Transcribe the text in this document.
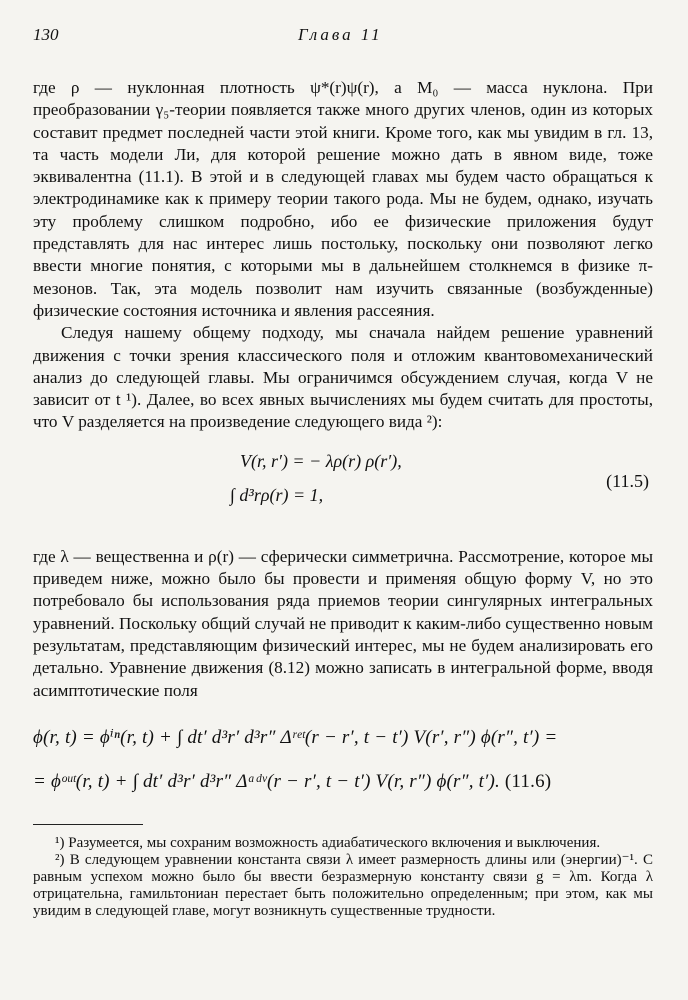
130	Глава 11

где ρ — нуклонная плотность ψ*(r)ψ(r), а M₀ — масса нуклона. При преобразовании γ₅-теории появляется также много других членов, один из которых составит предмет последней части этой книги. Кроме того, как мы увидим в гл. 13, та часть модели Ли, для которой решение можно дать в явном виде, тоже эквивалентна (11.1). В этой и в следующей главах мы будем часто обращаться к электродинамике как к примеру теории такого рода. Мы не будем, однако, изучать эту проблему слишком подробно, ибо ее физические приложения будут представлять для нас интерес лишь постольку, поскольку они позволяют легко ввести многие понятия, с которыми мы в дальнейшем столкнемся в физике π-мезонов. Так, эта модель позволит нам изучить связанные (возбужденные) физические состояния источника и явления рассеяния.

Следуя нашему общему подходу, мы сначала найдем решение уравнений движения с точки зрения классического поля и отложим квантовомеханический анализ до следующей главы. Мы ограничимся обсуждением случая, когда V не зависит от t ¹). Далее, во всех явных вычислениях мы будем считать для простоты, что V разделяется на произведение следующего вида ²):

V(r, r′) = − λρ(r) ρ(r′),
∫ d³rρ(r) = 1,
(11.5)

где λ — вещественна и ρ(r) — сферически симметрична. Рассмотрение, которое мы приведем ниже, можно было бы провести и применяя общую форму V, но это потребовало бы использования ряда приемов теории сингулярных интегральных уравнений. Поскольку общий случай не приводит к каким-либо существенно новым результатам, представляющим физический интерес, мы не будем анализировать его детально. Уравнение движения (8.12) можно записать в интегральной форме, вводя асимптотические поля

ϕ(r, t) = ϕⁱⁿ(r, t) + ∫ dt′ d³r′ d³r″ Δʳᵉᵗ(r − r′, t − t′) V(r′, r″) ϕ(r″, t′) =
= ϕᵒᵘᵗ(r, t) + ∫ dt′ d³r′ d³r″ Δᵃᵈᵛ(r − r′, t − t′) V(r, r″) ϕ(r″, t′). (11.6)

¹) Разумеется, мы сохраним возможность адиабатического включения и выключения.

²) В следующем уравнении константа связи λ имеет размерность длины или (энергии)⁻¹. С равным успехом можно было бы ввести безразмерную константу связи g = λm. Когда λ отрицательна, гамильтониан перестает быть положительно определенным; при этом, как мы увидим в следующей главе, могут возникнуть существенные трудности.
